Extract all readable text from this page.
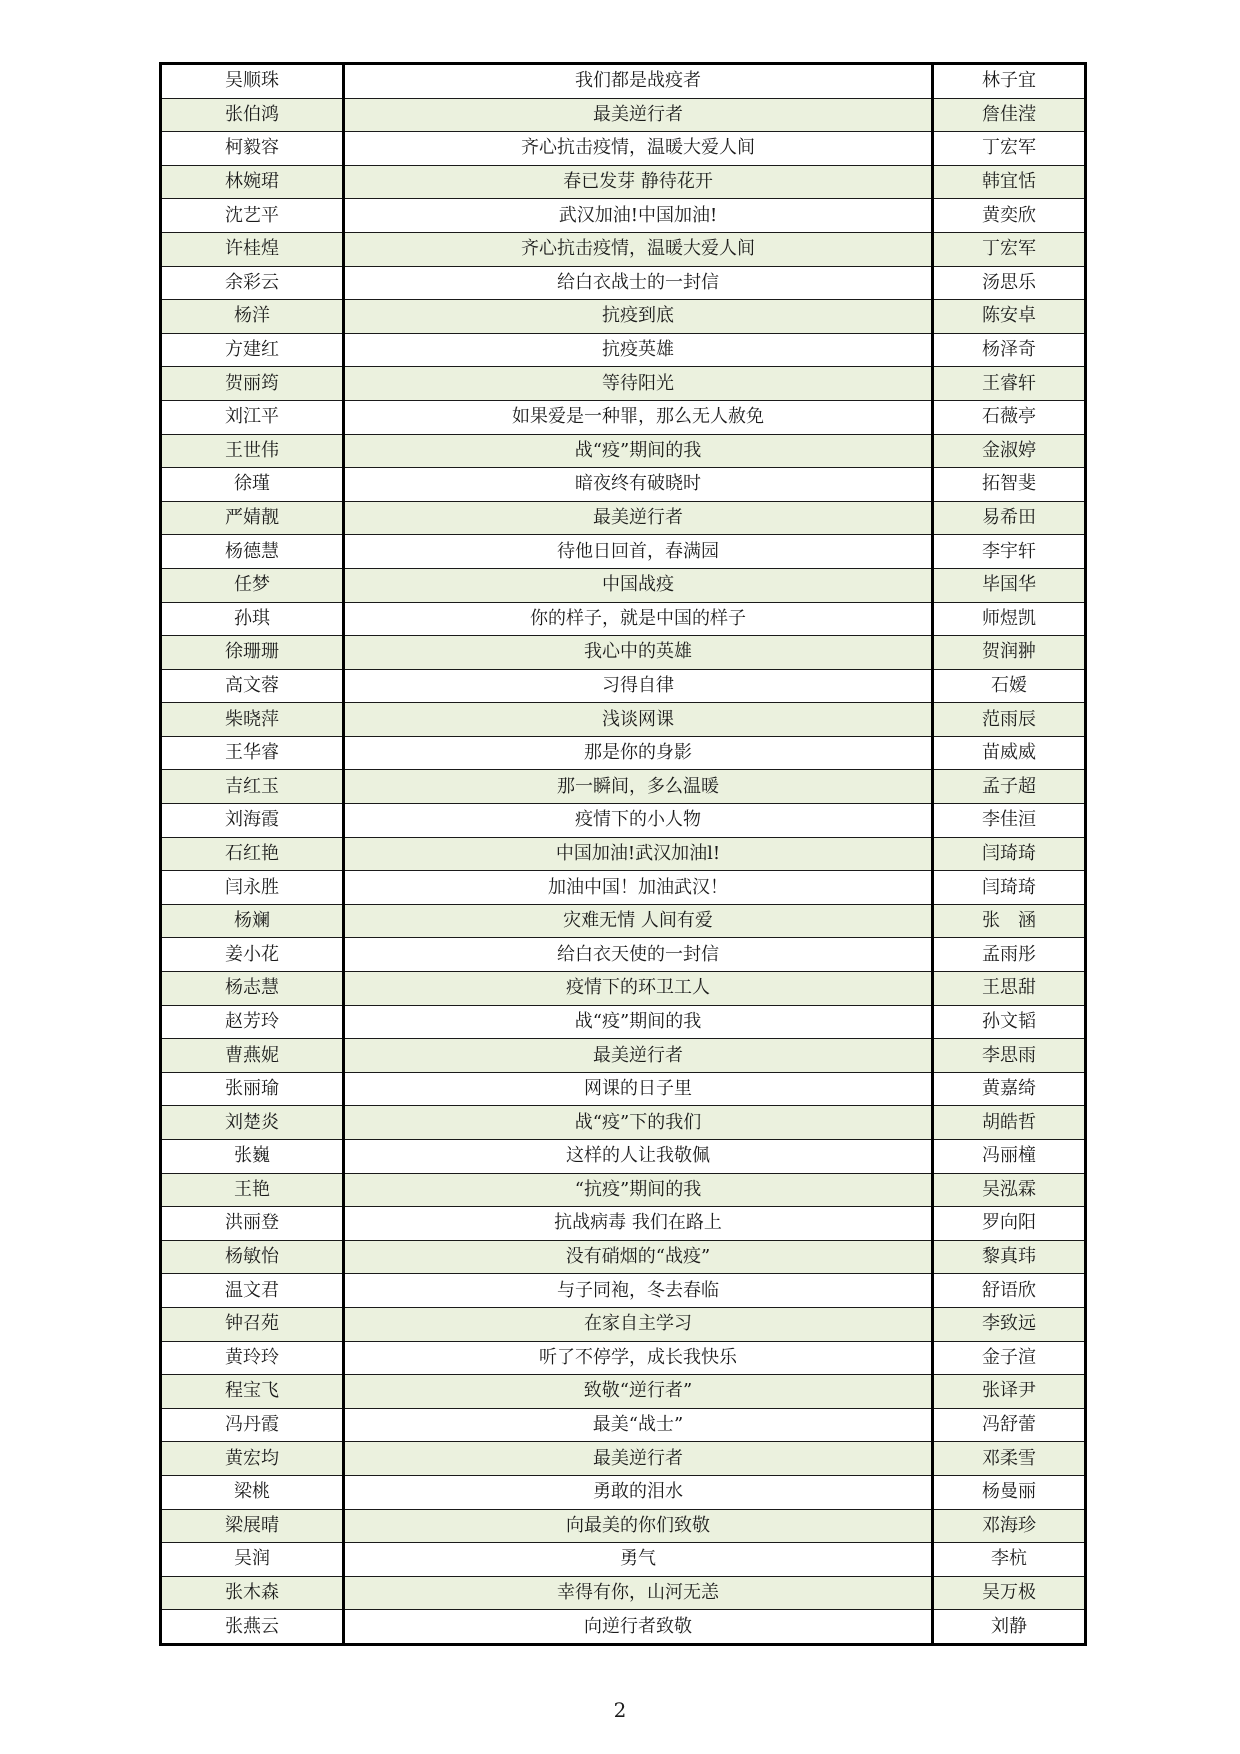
吴顺珠	我们都是战疫者	林子宜
张伯鸿	最美逆行者	詹佳滢
柯毅容	齐心抗击疫情，温暖大爱人间	丁宏军
林婉珺	春已发芽 静待花开	韩宜恬
沈艺平	武汉加油!中国加油!	黄奕欣
许桂煌	齐心抗击疫情，温暖大爱人间	丁宏军
余彩云	给白衣战士的一封信	汤思乐
杨洋	抗疫到底	陈安卓
方建红	抗疫英雄	杨泽奇
贺丽筠	等待阳光	王睿轩
刘江平	如果爱是一种罪，那么无人赦免	石薇亭
王世伟	战“疫”期间的我	金淑婷
徐瑾	暗夜终有破晓时	拓智斐
严婧靓	最美逆行者	易希田
杨德慧	待他日回首，春满园	李宇轩
任梦	中国战疫	毕国华
孙琪	你的样子，就是中国的样子	师煜凯
徐珊珊	我心中的英雄	贺润翀
高文蓉	习得自律	石嫒
柴晓萍	浅谈网课	范雨辰
王华睿	那是你的身影	苗威威
吉红玉	那一瞬间，多么温暖	孟子超
刘海霞	疫情下的小人物	李佳洹
石红艳	中国加油!武汉加油l!	闫琦琦
闫永胜	加油中国！加油武汉！	闫琦琦
杨斓	灾难无情 人间有爱	张　涵
姜小花	给白衣天使的一封信	孟雨彤
杨志慧	疫情下的环卫工人	王思甜
赵芳玲	战“疫”期间的我	孙文韬
曹燕妮	最美逆行者	李思雨
张丽瑜	网课的日子里	黄嘉绮
刘楚炎	战“疫”下的我们	胡皓哲
张巍	这样的人让我敬佩	冯丽橦
王艳	“抗疫”期间的我	吴泓霖
洪丽登	抗战病毒 我们在路上	罗向阳
杨敏怡	没有硝烟的“战疫”	黎真玮
温文君	与子同袍，冬去春临	舒语欣
钟召苑	在家自主学习	李致远
黄玲玲	听了不停学，成长我快乐	金子渲
程宝飞	致敬“逆行者”	张译尹
冯丹霞	最美“战士”	冯舒蕾
黄宏均	最美逆行者	邓柔雪
梁桃	勇敢的泪水	杨曼丽
梁展晴	向最美的你们致敬	邓海珍
吴润	勇气	李杭
张木森	幸得有你，山河无恙	吴万极
张燕云	向逆行者致敬	刘静
2
